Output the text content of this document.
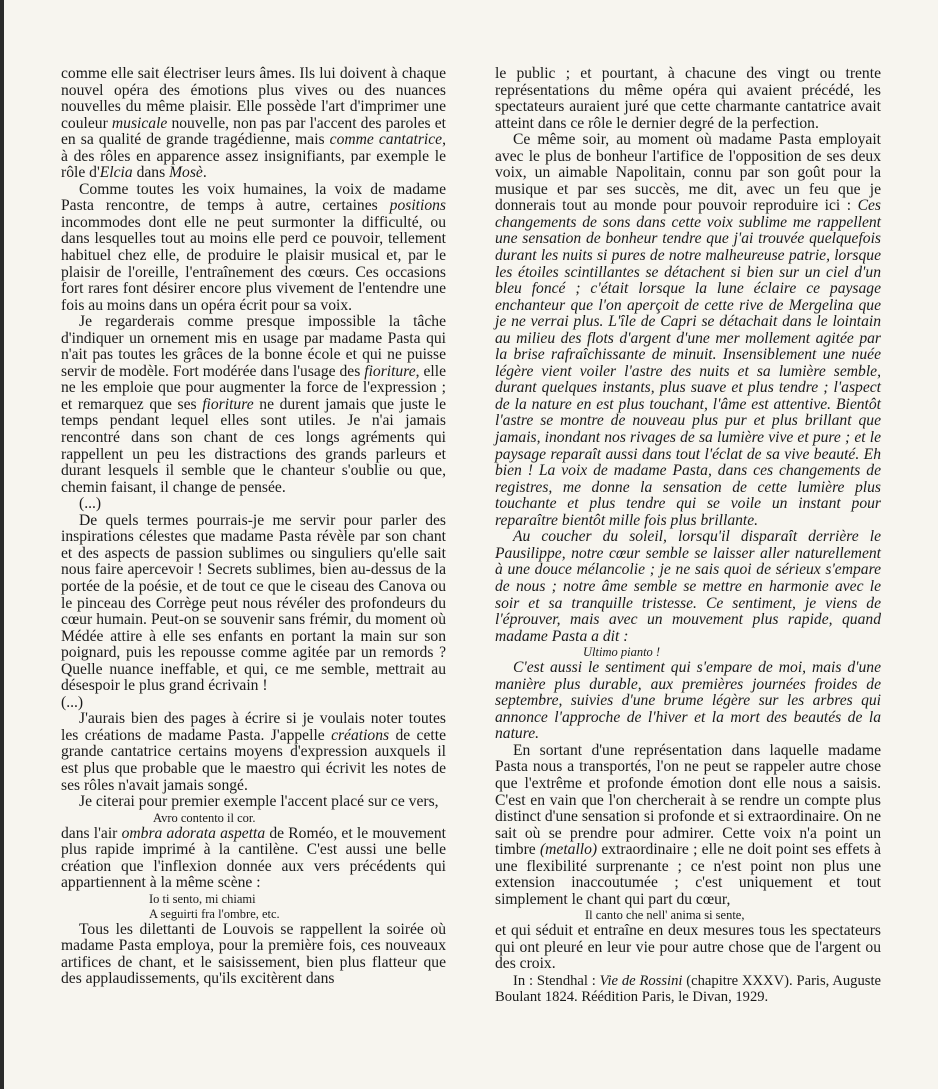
comme elle sait électriser leurs âmes. Ils lui doivent à chaque nouvel opéra des émotions plus vives ou des nuances nouvelles du même plaisir. Elle possède l'art d'imprimer une couleur musicale nouvelle, non pas par l'accent des paroles et en sa qualité de grande tragédienne, mais comme cantatrice, à des rôles en apparence assez insignifiants, par exemple le rôle d'Elcia dans Mosè.

Comme toutes les voix humaines, la voix de madame Pasta rencontre, de temps à autre, certaines positions incommodes dont elle ne peut surmonter la difficulté, ou dans lesquelles tout au moins elle perd ce pouvoir, tellement habituel chez elle, de produire le plaisir musical et, par le plaisir de l'oreille, l'entraînement des cœurs. Ces occasions fort rares font désirer encore plus vivement de l'entendre une fois au moins dans un opéra écrit pour sa voix.

Je regarderais comme presque impossible la tâche d'indiquer un ornement mis en usage par madame Pasta qui n'ait pas toutes les grâces de la bonne école et qui ne puisse servir de modèle. Fort modérée dans l'usage des fioriture, elle ne les emploie que pour augmenter la force de l'expression ; et remarquez que ses fioriture ne durent jamais que juste le temps pendant lequel elles sont utiles. Je n'ai jamais rencontré dans son chant de ces longs agréments qui rappellent un peu les distractions des grands parleurs et durant lesquels il semble que le chanteur s'oublie ou que, chemin faisant, il change de pensée.

(...)

De quels termes pourrais-je me servir pour parler des inspirations célestes que madame Pasta révèle par son chant et des aspects de passion sublimes ou singuliers qu'elle sait nous faire apercevoir ! Secrets sublimes, bien au-dessus de la portée de la poésie, et de tout ce que le ciseau des Canova ou le pinceau des Corrège peut nous révéler des profondeurs du cœur humain. Peut-on se souvenir sans frémir, du moment où Médée attire à elle ses enfants en portant la main sur son poignard, puis les repousse comme agitée par un remords ? Quelle nuance ineffable, et qui, ce me semble, mettrait au désespoir le plus grand écrivain !

(...)

J'aurais bien des pages à écrire si je voulais noter toutes les créations de madame Pasta. J'appelle créations de cette grande cantatrice certains moyens d'expression auxquels il est plus que probable que le maestro qui écrivit les notes de ses rôles n'avait jamais songé.

Je citerai pour premier exemple l'accent placé sur ce vers,

Avro contento il cor.

dans l'air ombra adorata aspetta de Roméo, et le mouvement plus rapide imprimé à la cantilène. C'est aussi une belle création que l'inflexion donnée aux vers précédents qui appartiennent à la même scène :

Io ti sento, mi chiami

A seguirti fra l'ombre, etc.

Tous les dilettanti de Louvois se rappellent la soirée où madame Pasta employa, pour la première fois, ces nouveaux artifices de chant, et le saisissement, bien plus flatteur que des applaudissements, qu'ils excitèrent dans

le public ; et pourtant, à chacune des vingt ou trente représentations du même opéra qui avaient précédé, les spectateurs auraient juré que cette charmante cantatrice avait atteint dans ce rôle le dernier degré de la perfection.

Ce même soir, au moment où madame Pasta employait avec le plus de bonheur l'artifice de l'opposition de ses deux voix, un aimable Napolitain, connu par son goût pour la musique et par ses succès, me dit, avec un feu que je donnerais tout au monde pour pouvoir reproduire ici : Ces changements de sons dans cette voix sublime me rappellent une sensation de bonheur tendre que j'ai trouvée quelquefois durant les nuits si pures de notre malheureuse patrie, lorsque les étoiles scintillantes se détachent si bien sur un ciel d'un bleu foncé ; c'était lorsque la lune éclaire ce paysage enchanteur que l'on aperçoit de cette rive de Mergelina que je ne verrai plus. L'île de Capri se détachait dans le lointain au milieu des flots d'argent d'une mer mollement agitée par la brise rafraîchissante de minuit. Insensiblement une nuée légère vient voiler l'astre des nuits et sa lumière semble, durant quelques instants, plus suave et plus tendre ; l'aspect de la nature en est plus touchant, l'âme est attentive. Bientôt l'astre se montre de nouveau plus pur et plus brillant que jamais, inondant nos rivages de sa lumière vive et pure ; et le paysage reparaît aussi dans tout l'éclat de sa vive beauté. Eh bien ! La voix de madame Pasta, dans ces changements de registres, me donne la sensation de cette lumière plus touchante et plus tendre qui se voile un instant pour reparaître bientôt mille fois plus brillante.

Au coucher du soleil, lorsqu'il disparaît derrière le Pausilippe, notre cœur semble se laisser aller naturellement à une douce mélancolie ; je ne sais quoi de sérieux s'empare de nous ; notre âme semble se mettre en harmonie avec le soir et sa tranquille tristesse. Ce sentiment, je viens de l'éprouver, mais avec un mouvement plus rapide, quand madame Pasta a dit :

Ultimo pianto !

C'est aussi le sentiment qui s'empare de moi, mais d'une manière plus durable, aux premières journées froides de septembre, suivies d'une brume légère sur les arbres qui annonce l'approche de l'hiver et la mort des beautés de la nature.

En sortant d'une représentation dans laquelle madame Pasta nous a transportés, l'on ne peut se rappeler autre chose que l'extrême et profonde émotion dont elle nous a saisis. C'est en vain que l'on chercherait à se rendre un compte plus distinct d'une sensation si profonde et si extraordinaire. On ne sait où se prendre pour admirer. Cette voix n'a point un timbre (metallo) extraordinaire ; elle ne doit point ses effets à une flexibilité surprenante ; ce n'est point non plus une extension inaccoutumée ; c'est uniquement et tout simplement le chant qui part du cœur,

Il canto che nell' anima si sente,

et qui séduit et entraîne en deux mesures tous les spectateurs qui ont pleuré en leur vie pour autre chose que de l'argent ou des croix.

In : Stendhal : Vie de Rossini (chapitre XXXV). Paris, Auguste Boulant 1824. Réédition Paris, le Divan, 1929.
